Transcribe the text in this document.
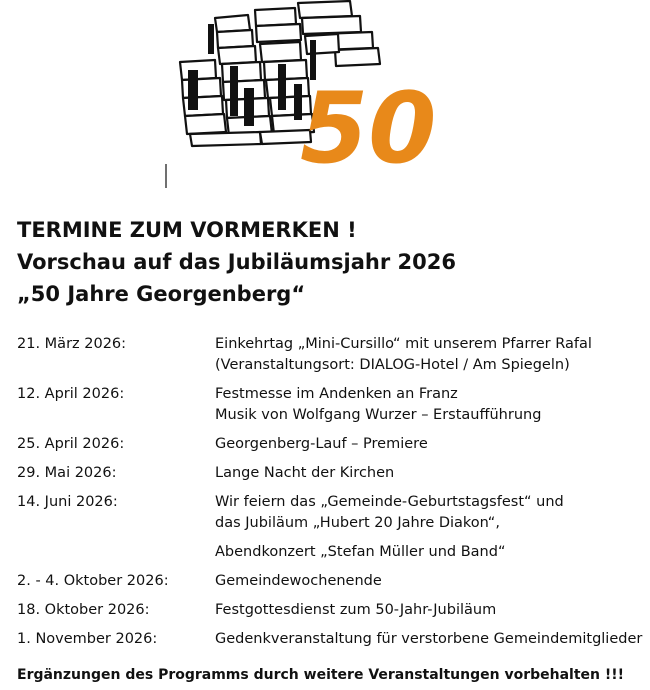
50
TERMINE ZUM VORMERKEN !
Vorschau auf das Jubiläumsjahr 2026
„50 Jahre Georgenberg“
21. März 2026:	Einkehrtag „Mini-Cursillo“ mit unserem Pfarrer Rafal
(Veranstaltungsort: DIALOG-Hotel / Am Spiegeln)
12. April 2026:	Festmesse im Andenken an Franz
Musik von Wolfgang Wurzer – Erstaufführung
25. April 2026:	Georgenberg-Lauf – Premiere
29. Mai 2026:	Lange Nacht der Kirchen
14. Juni 2026:	Wir feiern das „Gemeinde-Geburtstagsfest“ und
das Jubiläum „Hubert 20 Jahre Diakon“,
Abendkonzert „Stefan Müller und Band“
2. - 4. Oktober 2026:	Gemeindewochenende
18. Oktober 2026:	Festgottesdienst zum 50-Jahr-Jubiläum
1. November 2026:	Gedenkveranstaltung für verstorbene Gemeindemitglieder
Ergänzungen des Programms durch weitere Veranstaltungen vorbehalten !!!
